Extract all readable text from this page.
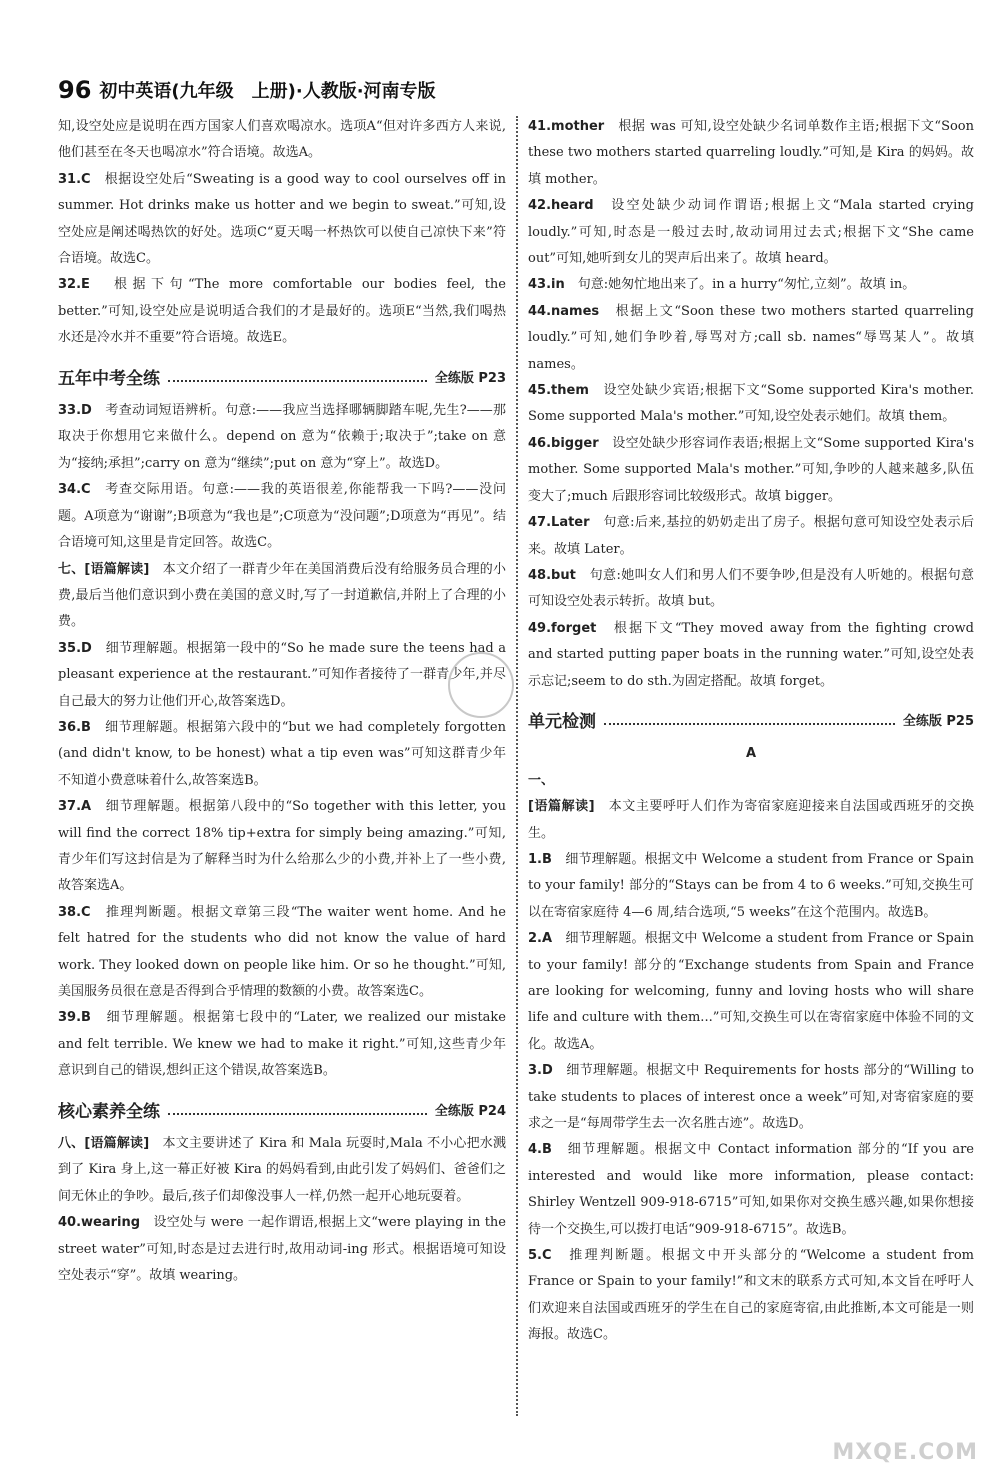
96 初中英语(九年级　上册)·人教版·河南专版
知,设空处应是说明在西方国家人们喜欢喝凉水。选项A“但对许多西方人来说,他们甚至在冬天也喝凉水”符合语境。故选A。
31.C　根据设空处后“Sweating is a good way to cool ourselves off in summer. Hot drinks make us hotter and we begin to sweat.”可知,设空处应是阐述喝热饮的好处。选项C“夏天喝一杯热饮可以使自己凉快下来”符合语境。故选C。
32.E　根据下句“The more comfortable our bodies feel, the better.”可知,设空处应是说明适合我们的才是最好的。选项E“当然,我们喝热水还是冷水并不重要”符合语境。故选E。
五年中考全练	全练版 P23
33.D　考查动词短语辨析。句意:——我应当选择哪辆脚踏车呢,先生?——那取决于你想用它来做什么。depend on 意为“依赖于;取决于”;take on 意为“接纳;承担”;carry on 意为“继续”;put on 意为“穿上”。故选D。
34.C　考查交际用语。句意:——我的英语很差,你能帮我一下吗?——没问题。A项意为“谢谢”;B项意为“我也是”;C项意为“没问题”;D项意为“再见”。结合语境可知,这里是肯定回答。故选C。
七、[语篇解读]　本文介绍了一群青少年在美国消费后没有给服务员合理的小费,最后当他们意识到小费在美国的意义时,写了一封道歉信,并附上了合理的小费。
35.D　细节理解题。根据第一段中的“So he made sure the teens had a pleasant experience at the restaurant.”可知作者接待了一群青少年,并尽自己最大的努力让他们开心,故答案选D。
36.B　细节理解题。根据第六段中的“but we had completely forgotten (and didn't know, to be honest) what a tip even was”可知这群青少年不知道小费意味着什么,故答案选B。
37.A　细节理解题。根据第八段中的“So together with this letter, you will find the correct 18% tip+extra for simply being amazing.”可知,青少年们写这封信是为了解释当时为什么给那么少的小费,并补上了一些小费,故答案选A。
38.C　推理判断题。根据文章第三段“The waiter went home. And he felt hatred for the students who did not know the value of hard work. They looked down on people like him. Or so he thought.”可知,美国服务员很在意是否得到合乎情理的数额的小费。故答案选C。
39.B　细节理解题。根据第七段中的“Later, we realized our mistake and felt terrible. We knew we had to make it right.”可知,这些青少年意识到自己的错误,想纠正这个错误,故答案选B。
核心素养全练	全练版 P24
八、[语篇解读]　本文主要讲述了 Kira 和 Mala 玩耍时,Mala 不小心把水溅到了 Kira 身上,这一幕正好被 Kira 的妈妈看到,由此引发了妈妈们、爸爸们之间无休止的争吵。最后,孩子们却像没事人一样,仍然一起开心地玩耍着。
40.wearing　设空处与 were 一起作谓语,根据上文“were playing in the street water”可知,时态是过去进行时,故用动词-ing 形式。根据语境可知设空处表示“穿”。故填 wearing。
41.mother　根据 was 可知,设空处缺少名词单数作主语;根据下文“Soon these two mothers started quarreling loudly.”可知,是 Kira 的妈妈。故填 mother。
42.heard　设空处缺少动词作谓语;根据上文“Mala started crying loudly.”可知,时态是一般过去时,故动词用过去式;根据下文“She came out”可知,她听到女儿的哭声后出来了。故填 heard。
43.in　句意:她匆忙地出来了。in a hurry“匆忙,立刻”。故填 in。
44.names　根据上文“Soon these two mothers started quarreling loudly.”可知,她们争吵着,辱骂对方;call sb. names“辱骂某人”。故填 names。
45.them　设空处缺少宾语;根据下文“Some supported Kira's mother. Some supported Mala's mother.”可知,设空处表示她们。故填 them。
46.bigger　设空处缺少形容词作表语;根据上文“Some supported Kira's mother. Some supported Mala's mother.”可知,争吵的人越来越多,队伍变大了;much 后跟形容词比较级形式。故填 bigger。
47.Later　句意:后来,基拉的奶奶走出了房子。根据句意可知设空处表示后来。故填 Later。
48.but　句意:她叫女人们和男人们不要争吵,但是没有人听她的。根据句意可知设空处表示转折。故填 but。
49.forget　根据下文“They moved away from the fighting crowd and started putting paper boats in the running water.”可知,设空处表示忘记;seem to do sth.为固定搭配。故填 forget。
单元检测	全练版 P25
A
一、　
[语篇解读]　本文主要呼吁人们作为寄宿家庭迎接来自法国或西班牙的交换生。
1.B　细节理解题。根据文中 Welcome a student from France or Spain to your family! 部分的“Stays can be from 4 to 6 weeks.”可知,交换生可以在寄宿家庭待 4—6 周,结合选项,“5 weeks”在这个范围内。故选B。
2.A　细节理解题。根据文中 Welcome a student from France or Spain to your family! 部分的“Exchange students from Spain and France are looking for welcoming, funny and loving hosts who will share life and culture with them...”可知,交换生可以在寄宿家庭中体验不同的文化。故选A。
3.D　细节理解题。根据文中 Requirements for hosts 部分的“Willing to take students to places of interest once a week”可知,对寄宿家庭的要求之一是“每周带学生去一次名胜古迹”。故选D。
4.B　细节理解题。根据文中 Contact information 部分的“If you are interested and would like more information, please contact: Shirley Wentzell 909-918-6715”可知,如果你对交换生感兴趣,如果你想接待一个交换生,可以拨打电话“909-918-6715”。故选B。
5.C　推理判断题。根据文中开头部分的“Welcome a student from France or Spain to your family!”和文末的联系方式可知,本文旨在呼吁人们欢迎来自法国或西班牙的学生在自己的家庭寄宿,由此推断,本文可能是一则海报。故选C。
MXQE.COM
